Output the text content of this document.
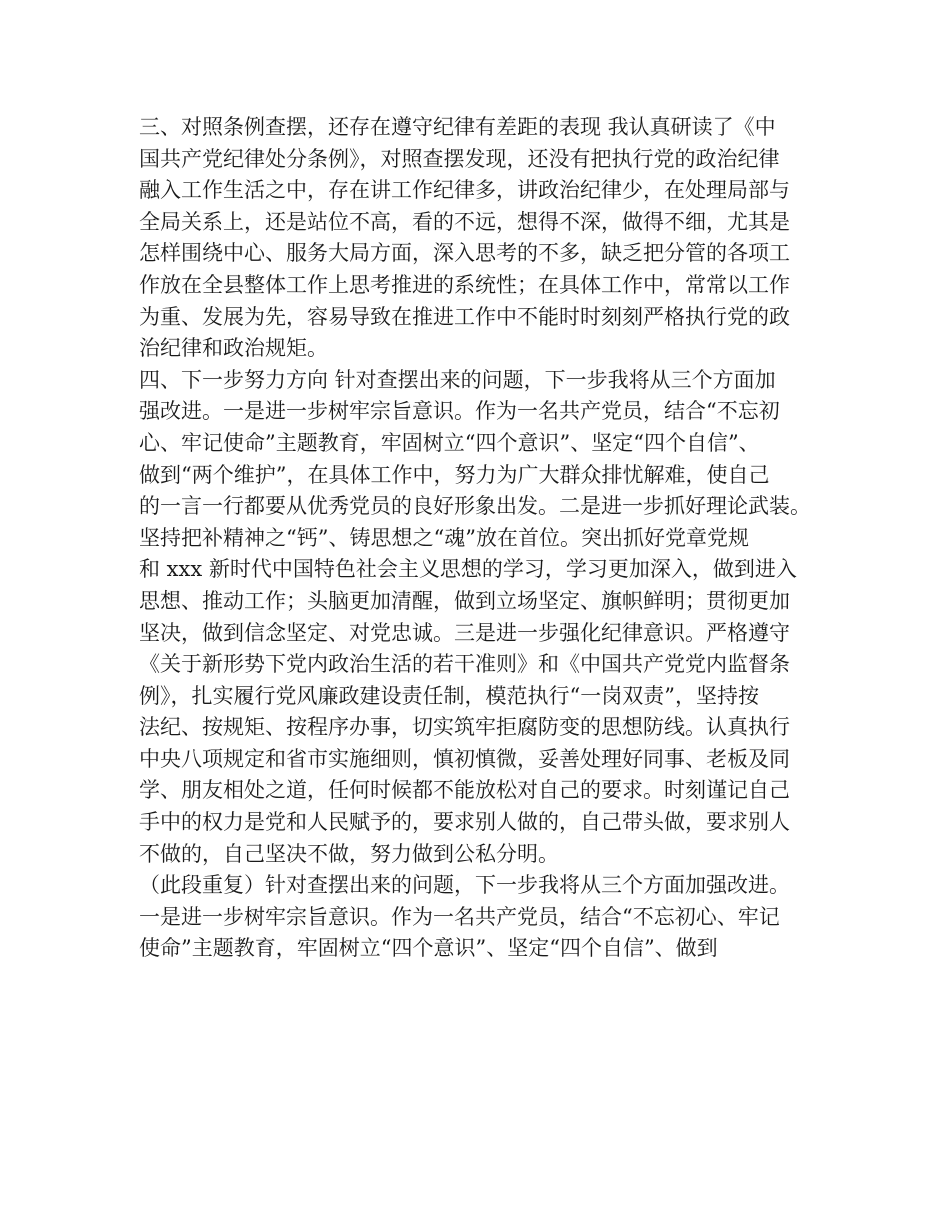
三、对照条例查摆，还存在遵守纪律有差距的表现 我认真研读了《中
国共产党纪律处分条例》，对照查摆发现，还没有把执行党的政治纪律
融入工作生活之中，存在讲工作纪律多，讲政治纪律少，在处理局部与
全局关系上，还是站位不高，看的不远，想得不深，做得不细，尤其是
怎样围绕中心、服务大局方面，深入思考的不多，缺乏把分管的各项工
作放在全县整体工作上思考推进的系统性；在具体工作中，常常以工作
为重、发展为先，容易导致在推进工作中不能时时刻刻严格执行党的政
治纪律和政治规矩。
四、下一步努力方向 针对查摆出来的问题，下一步我将从三个方面加
强改进。一是进一步树牢宗旨意识。作为一名共产党员，结合“不忘初
心、牢记使命”主题教育，牢固树立“四个意识”、坚定“四个自信”、
做到“两个维护”，在具体工作中，努力为广大群众排忧解难，使自己
的一言一行都要从优秀党员的良好形象出发。二是进一步抓好理论武装。
坚持把补精神之“钙”、铸思想之“魂”放在首位。突出抓好党章党规
和 xxx 新时代中国特色社会主义思想的学习，学习更加深入，做到进入
思想、推动工作；头脑更加清醒，做到立场坚定、旗帜鲜明；贯彻更加
坚决，做到信念坚定、对党忠诚。三是进一步强化纪律意识。严格遵守
《关于新形势下党内政治生活的若干准则》和《中国共产党党内监督条
例》，扎实履行党风廉政建设责任制，模范执行“一岗双责”，坚持按
法纪、按规矩、按程序办事，切实筑牢拒腐防变的思想防线。认真执行
中央八项规定和省市实施细则，慎初慎微，妥善处理好同事、老板及同
学、朋友相处之道，任何时候都不能放松对自己的要求。时刻谨记自己
手中的权力是党和人民赋予的，要求别人做的，自己带头做，要求别人
不做的，自己坚决不做，努力做到公私分明。
（此段重复）针对查摆出来的问题，下一步我将从三个方面加强改进。
一是进一步树牢宗旨意识。作为一名共产党员，结合“不忘初心、牢记
使命”主题教育，牢固树立“四个意识”、坚定“四个自信”、做到
